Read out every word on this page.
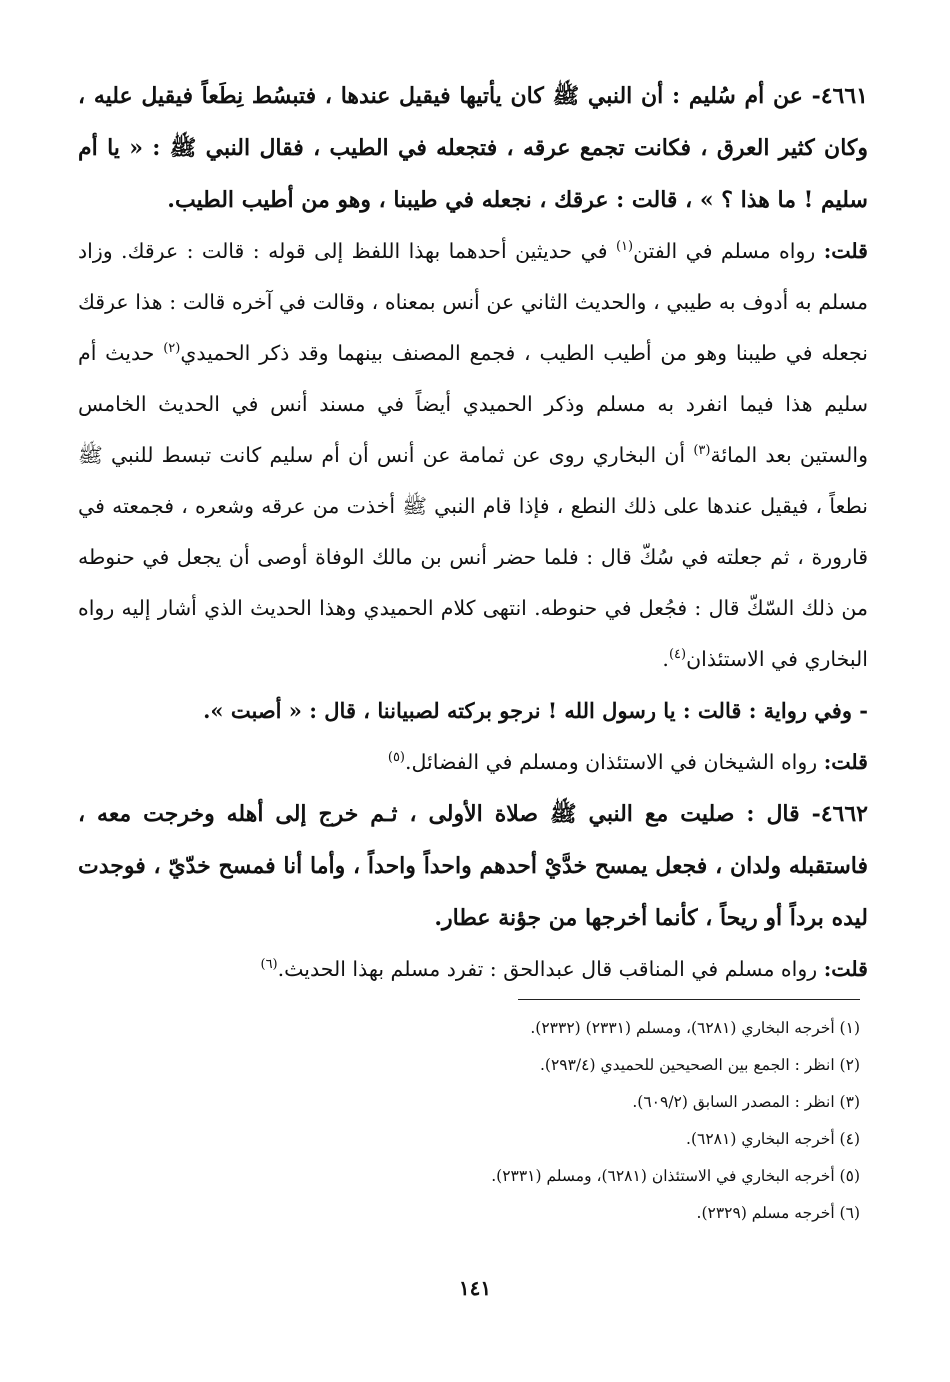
٤٦٦١- عن أم سُليم : أن النبي ﷺ كان يأتيها فيقيل عندها ، فتبسُط نِطَعاً فيقيل عليه ، وكان كثير العرق ، فكانت تجمع عرقه ، فتجعله في الطيب ، فقال النبي ﷺ : « يا أم سليم ! ما هذا ؟ » ، قالت : عرقك ، نجعله في طيبنا ، وهو من أطيب الطيب.

قلت: رواه مسلم في الفتن$^{(١)}$ في حديثين أحدهما بهذا اللفظ إلى قوله : قالت : عرقك. وزاد مسلم به أدوف به طيبي ، والحديث الثاني عن أنس بمعناه ، وقالت في آخره قالت : هذا عرقك نجعله في طيبنا وهو من أطيب الطيب ، فجمع المصنف بينهما وقد ذكر الحميدي$^{(٢)}$ حديث أم سليم هذا فيما انفرد به مسلم وذكر الحميدي أيضاً في مسند أنس في الحديث الخامس والستين بعد المائة$^{(٣)}$ أن البخاري روى عن ثمامة عن أنس أن أم سليم كانت تبسط للنبي ﷺ نطعاً ، فيقيل عندها على ذلك النطع ، فإذا قام النبي ﷺ أخذت من عرقه وشعره ، فجمعته في قارورة ، ثم جعلته في سُكّ قال : فلما حضر أنس بن مالك الوفاة أوصى أن يجعل في حنوطه من ذلك السّكّ قال : فجُعل في حنوطه. انتهى كلام الحميدي وهذا الحديث الذي أشار إليه رواه البخاري في الاستئذان$^{(٤)}$.

- وفي رواية : قالت : يا رسول الله ! نرجو بركته لصبياننا ، قال : « أصبت ».

قلت: رواه الشيخان في الاستئذان ومسلم في الفضائل.$^{(٥)}$

٤٦٦٢- قال : صليت مع النبي ﷺ صلاة الأولى ، ثـم خرج إلى أهله وخرجت معه ، فاستقبله ولدان ، فجعل يمسح خدَّيْ أحدهم واحداً واحداً ، وأما أنا فمسح خدّيّ ، فوجدت ليده برداً أو ريحاً ، كأنما أخرجها من جؤنة عطار.

قلت: رواه مسلم في المناقب قال عبدالحق : تفرد مسلم بهذا الحديث.$^{(٦)}$

(١) أخرجه البخاري (٦٢٨١)، ومسلم (٢٣٣١) (٢٣٣٢).
(٢) انظر : الجمع بين الصحيحين للحميدي (٢٩٣/٤).
(٣) انظر : المصدر السابق (٦٠٩/٢).
(٤) أخرجه البخاري (٦٢٨١).
(٥) أخرجه البخاري في الاستئذان (٦٢٨١)، ومسلم (٢٣٣١).
(٦) أخرجه مسلم (٢٣٢٩).
١٤١
